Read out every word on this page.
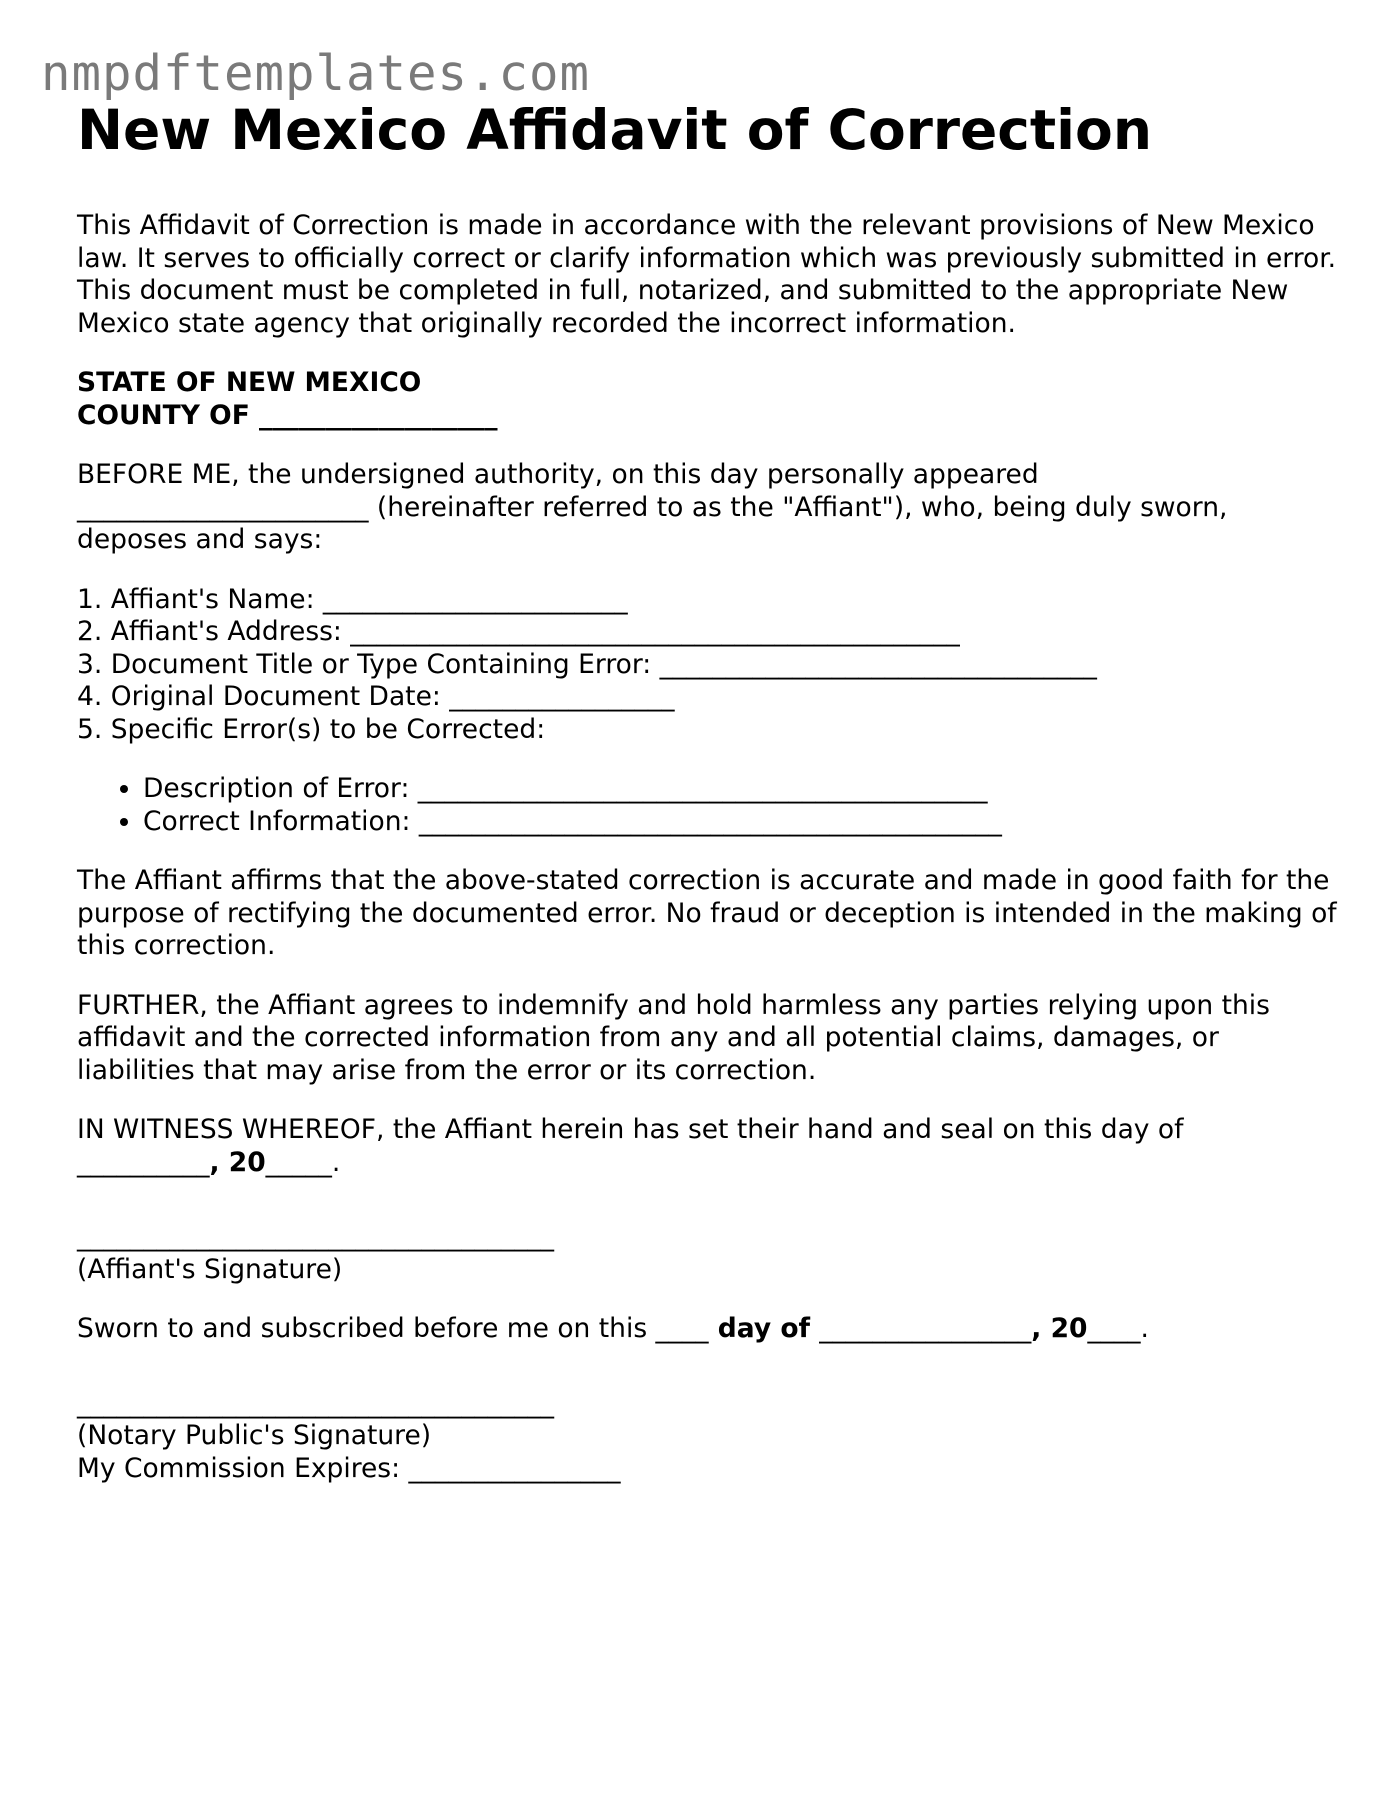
nmpdftemplates.com
New Mexico Affidavit of Correction

This Affidavit of Correction is made in accordance with the relevant provisions of New Mexico law. It serves to officially correct or clarify information which was previously submitted in error. This document must be completed in full, notarized, and submitted to the appropriate New Mexico state agency that originally recorded the incorrect information.

STATE OF NEW MEXICO
COUNTY OF __________________
BEFORE ME, the undersigned authority, on this day personally appeared
______________________ (hereinafter referred to as the "Affiant"), who, being duly sworn,
deposes and says:
1. Affiant's Name: _______________________
2. Affiant's Address: ______________________________________________
3. Document Title or Type Containing Error: _________________________________
4. Original Document Date: _________________
5. Specific Error(s) to be Corrected:
• Description of Error: ___________________________________________
• Correct Information: ____________________________________________

The Affiant affirms that the above-stated correction is accurate and made in good faith for the purpose of rectifying the documented error. No fraud or deception is intended in the making of this correction.

FURTHER, the Affiant agrees to indemnify and hold harmless any parties relying upon this affidavit and the corrected information from any and all potential claims, damages, or liabilities that may arise from the error or its correction.

IN WITNESS WHEREOF, the Affiant herein has set their hand and seal on this day of
__________, 20_____.
____________________________________
(Affiant's Signature)
Sworn to and subscribed before me on this ____ day of ________________, 20____.
____________________________________
(Notary Public's Signature)
My Commission Expires: ________________
